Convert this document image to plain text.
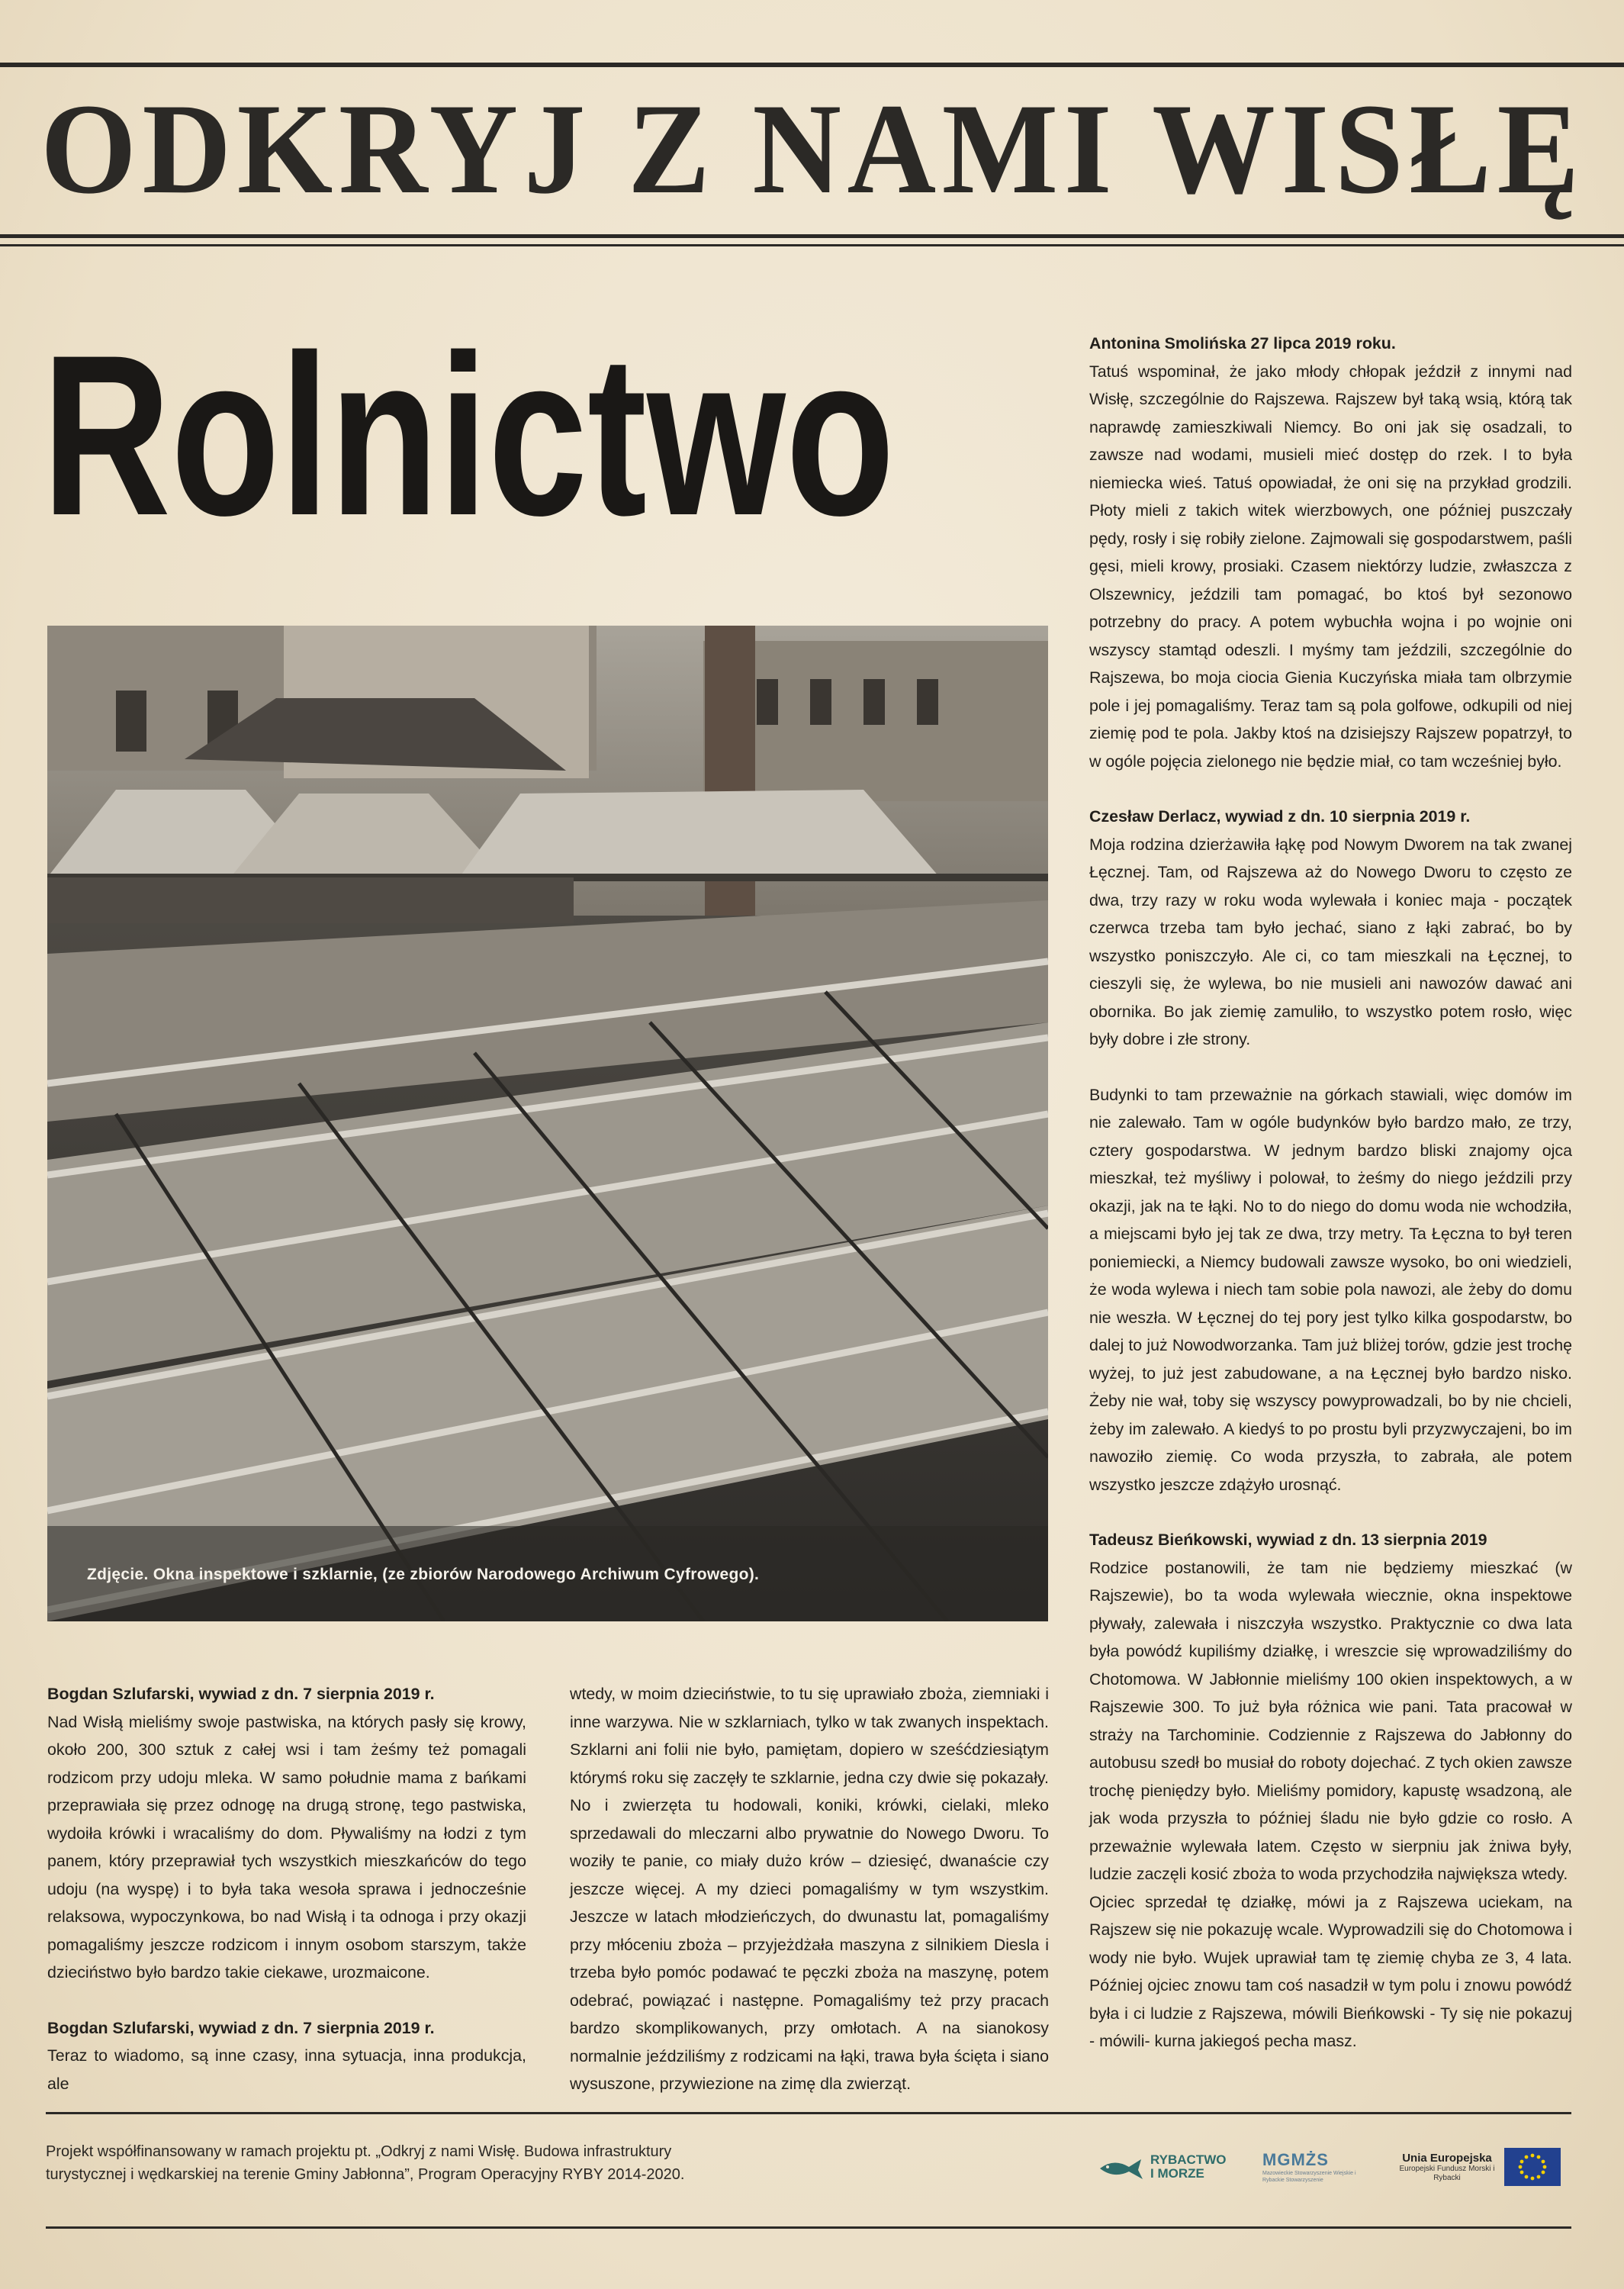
ODKRYJ Z NAMI WISŁĘ
Rolnictwo
Zdjęcie. Okna inspektowe i szklarnie, (ze zbiorów Narodowego Archiwum Cyfrowego).

Bogdan Szlufarski, wywiad z dn. 7 sierpnia 2019 r.

Nad Wisłą mieliśmy swoje pastwiska, na których pasły się krowy, około 200, 300 sztuk z całej wsi i tam żeśmy też pomagali rodzicom przy udoju mleka. W samo południe mama z bańkami przeprawiała się przez odnogę na drugą stronę, tego pastwiska, wydoiła krówki i wracaliśmy do dom. Pływaliśmy na łodzi z tym panem, który przeprawiał tych wszystkich mieszkańców do tego udoju (na wyspę) i to była taka wesoła sprawa i jednocześnie relaksowa, wypoczynkowa, bo nad Wisłą i ta odnoga i przy okazji pomagaliśmy jeszcze rodzicom i innym osobom starszym, także dzieciństwo było bardzo takie ciekawe, urozmaicone.

Bogdan Szlufarski, wywiad z dn. 7 sierpnia 2019 r.

Teraz to wiadomo, są inne czasy, inna sytuacja, inna produkcja, ale

wtedy, w moim dzieciństwie, to tu się uprawiało zboża, ziemniaki i inne warzywa. Nie w szklarniach, tylko w tak zwanych inspektach. Szklarni ani folii nie było, pamiętam, dopiero w sześćdziesiątym którymś roku się zaczęły te szklarnie, jedna czy dwie się pokazały. No i zwierzęta tu hodowali, koniki, krówki, cielaki, mleko sprzedawali do mleczarni albo prywatnie do Nowego Dworu. To woziły te panie, co miały dużo krów – dziesięć, dwanaście czy jeszcze więcej. A my dzieci pomagaliśmy w tym wszystkim. Jeszcze w latach młodzieńczych, do dwunastu lat, pomagaliśmy przy młóceniu zboża – przyjeżdżała maszyna z silnikiem Diesla i trzeba było pomóc podawać te pęczki zboża na maszynę, potem odebrać, powiązać i następne. Pomagaliśmy też przy pracach bardzo skomplikowanych, przy omłotach. A na sianokosy normalnie jeździliśmy z rodzicami na łąki, trawa była ścięta i siano wysuszone, przywiezione na zimę dla zwierząt.

Antonina Smolińska 27 lipca 2019 roku.

Tatuś wspominał, że jako młody chłopak jeździł z innymi nad Wisłę, szczególnie do Rajszewa. Rajszew był taką wsią, którą tak naprawdę zamieszkiwali Niemcy. Bo oni jak się osadzali, to zawsze nad wodami, musieli mieć dostęp do rzek. I to była niemiecka wieś. Tatuś opowiadał, że oni się na przykład grodzili. Płoty mieli z takich witek wierzbowych, one później puszczały pędy, rosły i się robiły zielone. Zajmowali się gospodarstwem, paśli gęsi, mieli krowy, prosiaki. Czasem niektórzy ludzie, zwłaszcza z Olszewnicy, jeździli tam pomagać, bo ktoś był sezonowo potrzebny do pracy. A potem wybuchła wojna i po wojnie oni wszyscy stamtąd odeszli. I myśmy tam jeździli, szczególnie do Rajszewa, bo moja ciocia Gienia Kuczyńska miała tam olbrzymie pole i jej pomagaliśmy. Teraz tam są pola golfowe, odkupili od niej ziemię pod te pola. Jakby ktoś na dzisiejszy Rajszew popatrzył, to w ogóle pojęcia zielonego nie będzie miał, co tam wcześniej było.

Czesław Derlacz, wywiad z dn. 10 sierpnia 2019 r.

Moja rodzina dzierżawiła łąkę pod Nowym Dworem na tak zwanej Łęcznej. Tam, od Rajszewa aż do Nowego Dworu to często ze dwa, trzy razy w roku woda wylewała i koniec maja - początek czerwca trzeba tam było jechać, siano z łąki zabrać, bo by wszystko poniszczyło. Ale ci, co tam mieszkali na Łęcznej, to cieszyli się, że wylewa, bo nie musieli ani nawozów dawać ani obornika. Bo jak ziemię zamuliło, to wszystko potem rosło, więc były dobre i złe strony.

Budynki to tam przeważnie na górkach stawiali, więc domów im nie zalewało. Tam w ogóle budynków było bardzo mało, ze trzy, cztery gospodarstwa. W jednym bardzo bliski znajomy ojca mieszkał, też myśliwy i polował, to żeśmy do niego jeździli przy okazji, jak na te łąki. No to do niego do domu woda nie wchodziła, a miejscami było jej tak ze dwa, trzy metry. Ta Łęczna to był teren poniemiecki, a Niemcy budowali zawsze wysoko, bo oni wiedzieli, że woda wylewa i niech tam sobie pola nawozi, ale żeby do domu nie weszła. W Łęcznej do tej pory jest tylko kilka gospodarstw, bo dalej to już Nowodworzanka. Tam już bliżej torów, gdzie jest trochę wyżej, to już jest zabudowane, a na Łęcznej było bardzo nisko. Żeby nie wał, toby się wszyscy powyprowadzali, bo by nie chcieli, żeby im zalewało. A kiedyś to po prostu byli przyzwyczajeni, bo im nawoziło ziemię. Co woda przyszła, to zabrała, ale potem wszystko jeszcze zdążyło urosnąć.

Tadeusz Bieńkowski, wywiad z dn. 13 sierpnia 2019

Rodzice postanowili, że tam nie będziemy mieszkać (w Rajszewie), bo ta woda wylewała wiecznie, okna inspektowe pływały, zalewała i niszczyła wszystko. Praktycznie co dwa lata była powódź kupiliśmy działkę, i wreszcie się wprowadziliśmy do Chotomowa. W Jabłonnie mieliśmy 100 okien inspektowych, a w Rajszewie 300. To już była różnica wie pani. Tata pracował w straży na Tarchominie. Codziennie z Rajszewa do Jabłonny do autobusu szedł bo musiał do roboty dojechać. Z tych okien zawsze trochę pieniędzy było. Mieliśmy pomidory, kapustę wsadzoną, ale jak woda przyszła to później śladu nie było gdzie co rosło. A przeważnie wylewała latem. Często w sierpniu jak żniwa były, ludzie zaczęli kosić zboża to woda przychodziła największa wtedy.

Ojciec sprzedał tę działkę, mówi ja z Rajszewa uciekam, na Rajszew się nie pokazuję wcale. Wyprowadzili się do Chotomowa i wody nie było. Wujek uprawiał tam tę ziemię chyba ze 3, 4 lata. Później ojciec znowu tam coś nasadził w tym polu i znowu powódź była i ci ludzie z Rajszewa, mówili Bieńkowski - Ty się nie pokazuj - mówili- kurna jakiegoś pecha masz.

Projekt współfinansowany w ramach projektu pt. „Odkryj z nami Wisłę. Budowa infrastruktury turystycznej i wędkarskiej na terenie Gminy Jabłonna”, Program Operacyjny RYBY 2014-2020.
RYBACTWO
I MORZE
MGMŻS
Mazowieckie Stowarzyszenie Wiejskie i Rybackie Stowarzyszenie
Unia Europejska
Europejski Fundusz Morski i Rybacki
